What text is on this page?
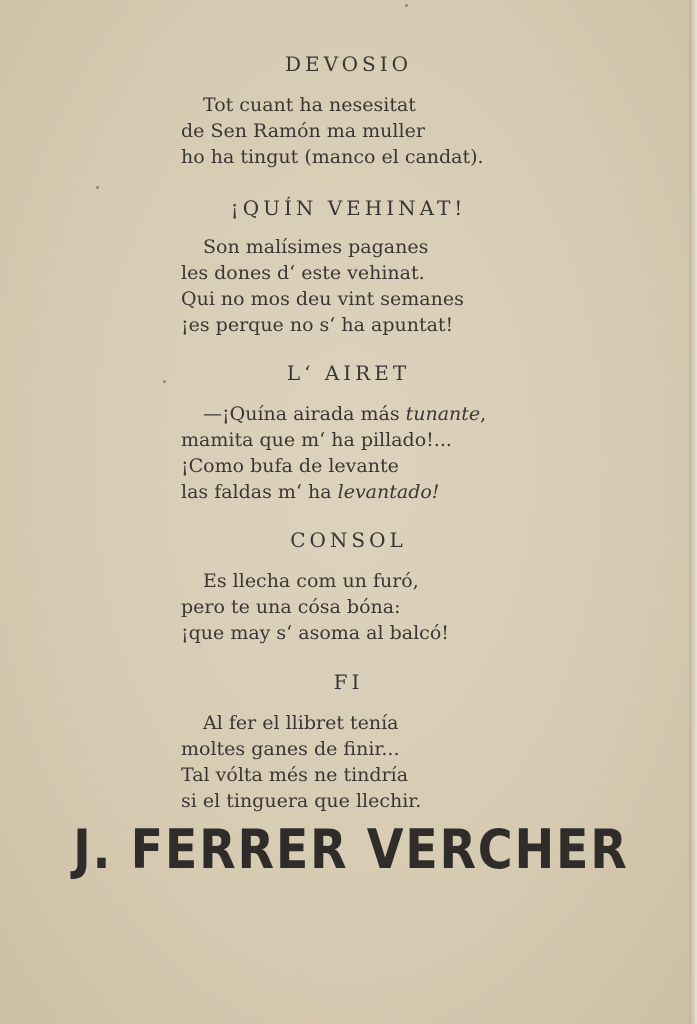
DEVOSIO
Tot cuant ha nesesitat
de Sen Ramón ma muller
ho ha tingut (manco el candat).
¡QUÍN VEHINAT!
Son malísimes paganes
les dones d‘ este vehinat.
Qui no mos deu vint semanes
¡es perque no s‘ ha apuntat!
L‘ AIRET
—¡Quína airada más tunante,
mamita que m‘ ha pillado!...
¡Como bufa de levante
las faldas m‘ ha levantado!
CONSOL
Es llecha com un furó,
pero te una cósa bóna:
¡que may s‘ asoma al balcó!
FI
Al fer el llibret tenía
moltes ganes de finir...
Tal vólta més ne tindría
si el tinguera que llechir.
J. FERRER VERCHER
